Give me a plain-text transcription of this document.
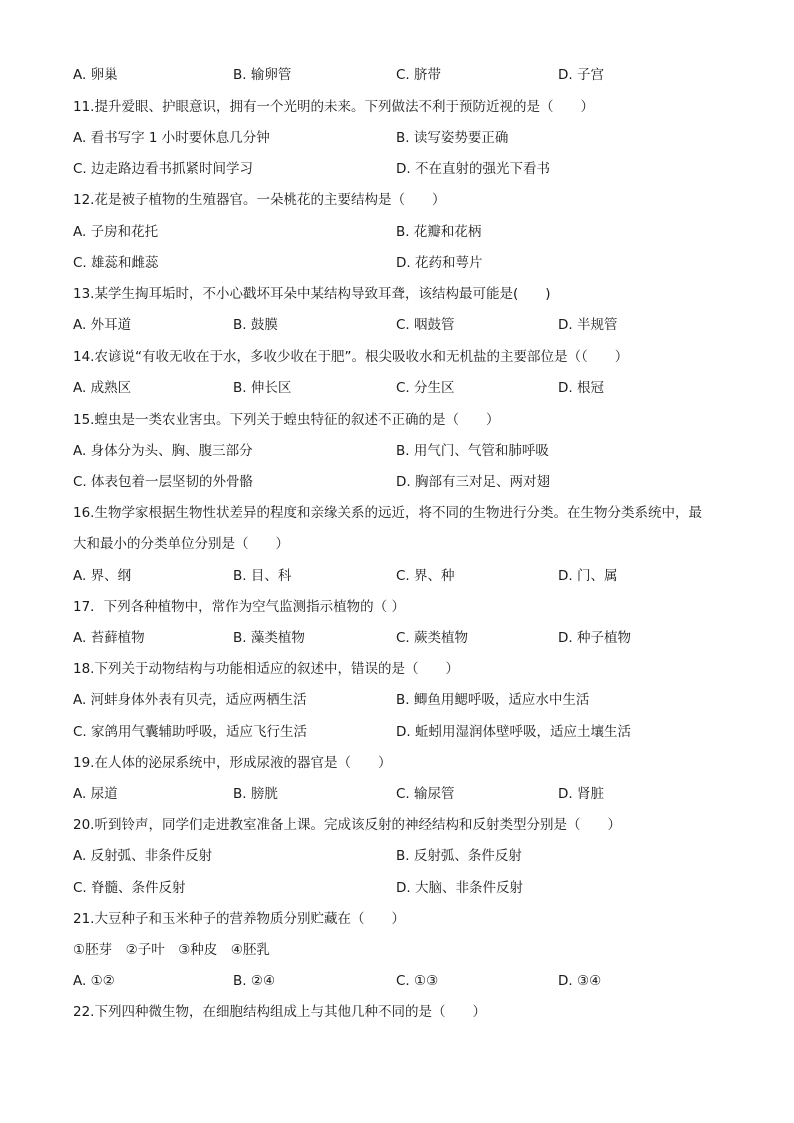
A. 卵巢	B. 输卵管	C. 脐带	D. 子宫
11.提升爱眼、护眼意识，拥有一个光明的未来。下列做法不利于预防近视的是（　　）
A. 看书写字 1 小时要休息几分钟	B. 读写姿势要正确
C. 边走路边看书抓紧时间学习	D. 不在直射的强光下看书
12.花是被子植物的生殖器官。一朵桃花的主要结构是（　　）
A. 子房和花托	B. 花瓣和花柄
C. 雄蕊和雌蕊	D. 花药和萼片
13.某学生掏耳垢时，不小心戳坏耳朵中某结构导致耳聋，该结构最可能是(　　)
A. 外耳道	B. 鼓膜	C. 咽鼓管	D. 半规管
14.农谚说“有收无收在于水，多收少收在于肥”。根尖吸收水和无机盐的主要部位是（（　　）
A. 成熟区	B. 伸长区	C. 分生区	D. 根冠
15.蝗虫是一类农业害虫。下列关于蝗虫特征的叙述不正确的是（　　）
A. 身体分为头、胸、腹三部分	B. 用气门、气管和肺呼吸
C. 体表包着一层坚韧的外骨骼	D. 胸部有三对足、两对翅
16.生物学家根据生物性状差异的程度和亲缘关系的远近，将不同的生物进行分类。在生物分类系统中，最
大和最小的分类单位分别是（　　）
A. 界、纲	B. 目、科	C. 界、种	D. 门、属
17．下列各种植物中，常作为空气监测指示植物的（ ）
A. 苔藓植物	B. 藻类植物	C. 蕨类植物	D. 种子植物
18.下列关于动物结构与功能相适应的叙述中，错误的是（　　）
A. 河蚌身体外表有贝壳，适应两栖生活	B. 鲫鱼用鳃呼吸，适应水中生活
C. 家鸽用气囊辅助呼吸，适应飞行生活	D. 蚯蚓用湿润体壁呼吸，适应土壤生活
19.在人体的泌尿系统中，形成尿液的器官是（　　）
A. 尿道	B. 膀胱	C. 输尿管	D. 肾脏
20.听到铃声，同学们走进教室准备上课。完成该反射的神经结构和反射类型分别是（　　）
A. 反射弧、非条件反射	B. 反射弧、条件反射
C. 脊髓、条件反射	D. 大脑、非条件反射
21.大豆种子和玉米种子的营养物质分别贮藏在（　　）
①胚芽　②子叶　③种皮　④胚乳
A. ①②	B. ②④	C. ①③	D. ③④
22.下列四种微生物，在细胞结构组成上与其他几种不同的是（　　）
